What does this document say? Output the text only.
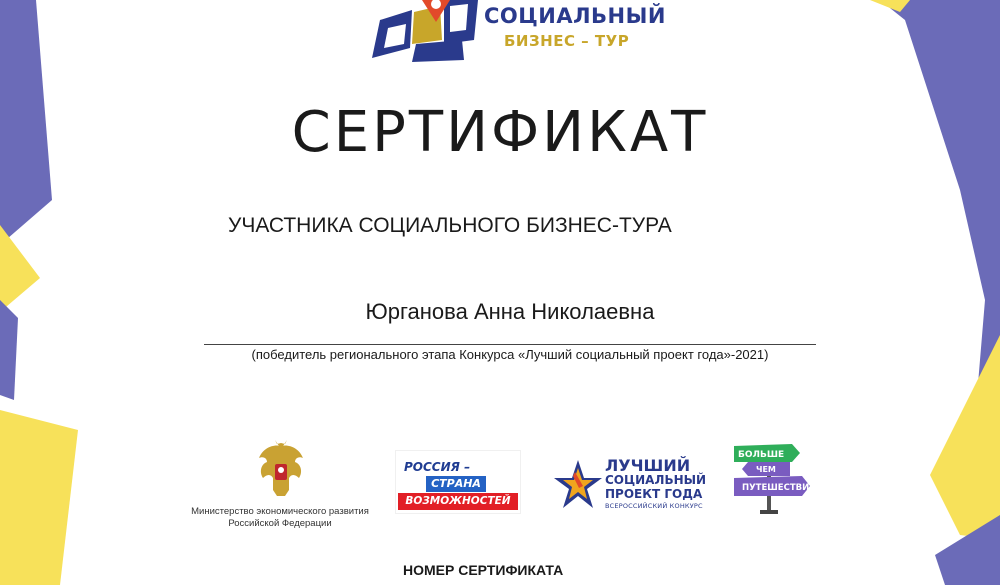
СОЦИАЛЬНЫЙ
БИЗНЕС – ТУР
СЕРТИФИКАТ
УЧАСТНИКА СОЦИАЛЬНОГО БИЗНЕС-ТУРА
Юрганова Анна Николаевна
(победитель регионального этапа Конкурса «Лучший социальный проект года»-2021)
Министерство экономического развития
Российской Федерации
РОССИЯ –
СТРАНА
ВОЗМОЖНОСТЕЙ
ЛУЧШИЙ
СОЦИАЛЬНЫЙ
ПРОЕКТ ГОДА
ВСЕРОССИЙСКИЙ КОНКУРС
БОЛЬШЕ
ЧЕМ
ПУТЕШЕСТВИЕ
НОМЕР СЕРТИФИКАТА
